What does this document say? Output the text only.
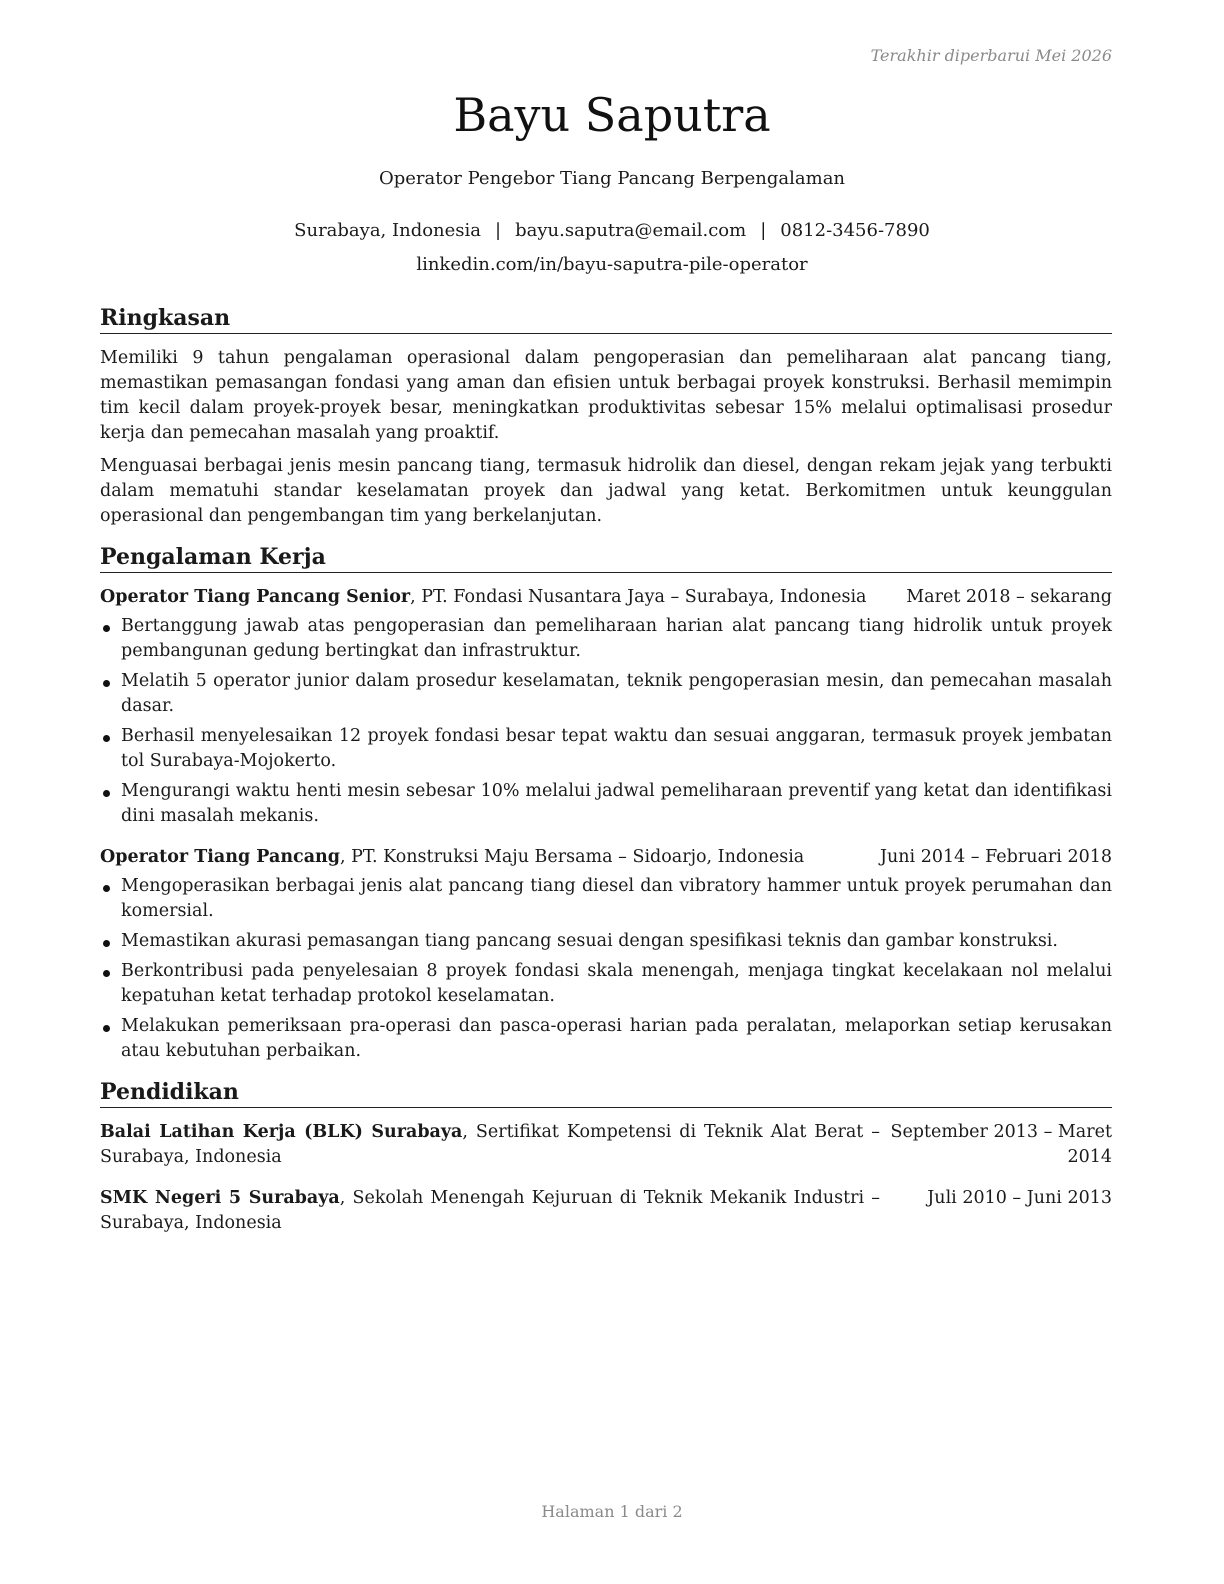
Terakhir diperbarui Mei 2026
Bayu Saputra
Operator Pengebor Tiang Pancang Berpengalaman
Surabaya, Indonesia | bayu.saputra@email.com | 0812-3456-7890
linkedin.com/in/bayu-saputra-pile-operator
Ringkasan

Memiliki 9 tahun pengalaman operasional dalam pengoperasian dan pemeliharaan alat pancang tiang, memastikan pemasangan fondasi yang aman dan efisien untuk berbagai proyek konstruksi. Berhasil memimpin tim kecil dalam proyek-proyek besar, meningkatkan produktivitas sebesar 15% melalui optimalisasi prosedur kerja dan pemecahan masalah yang proaktif.

Menguasai berbagai jenis mesin pancang tiang, termasuk hidrolik dan diesel, dengan rekam jejak yang terbukti dalam mematuhi standar keselamatan proyek dan jadwal yang ketat. Berkomitmen untuk keunggulan operasional dan pengembangan tim yang berkelanjutan.

Pengalaman Kerja
Operator Tiang Pancang Senior, PT. Fondasi Nusantara Jaya – Surabaya, Indonesia Maret 2018 – sekarang
Bertanggung jawab atas pengoperasian dan pemeliharaan harian alat pancang tiang hidrolik untuk proyek pembangunan gedung bertingkat dan infrastruktur.
Melatih 5 operator junior dalam prosedur keselamatan, teknik pengoperasian mesin, dan pemecahan masalah dasar.
Berhasil menyelesaikan 12 proyek fondasi besar tepat waktu dan sesuai anggaran, termasuk proyek jembatan tol Surabaya-Mojokerto.
Mengurangi waktu henti mesin sebesar 10% melalui jadwal pemeliharaan preventif yang ketat dan identifikasi dini masalah mekanis.
Operator Tiang Pancang, PT. Konstruksi Maju Bersama – Sidoarjo, Indonesia	Juni 2014 – Februari 2018
Mengoperasikan berbagai jenis alat pancang tiang diesel dan vibratory hammer untuk proyek perumahan dan komersial.
Memastikan akurasi pemasangan tiang pancang sesuai dengan spesifikasi teknis dan gambar konstruksi.
Berkontribusi pada penyelesaian 8 proyek fondasi skala menengah, menjaga tingkat kecelakaan nol melalui kepatuhan ketat terhadap protokol keselamatan.
Melakukan pemeriksaan pra-operasi dan pasca-operasi harian pada peralatan, melaporkan setiap kerusakan atau kebutuhan perbaikan.
Pendidikan
Balai Latihan Kerja (BLK) Surabaya, Sertifikat Kompetensi di Teknik Alat Berat – Surabaya, Indonesia
September 2013 – Maret 2014
SMK Negeri 5 Surabaya, Sekolah Menengah Kejuruan di Teknik Mekanik Industri – Surabaya, Indonesia
Juli 2010 – Juni 2013
Halaman 1 dari 2
